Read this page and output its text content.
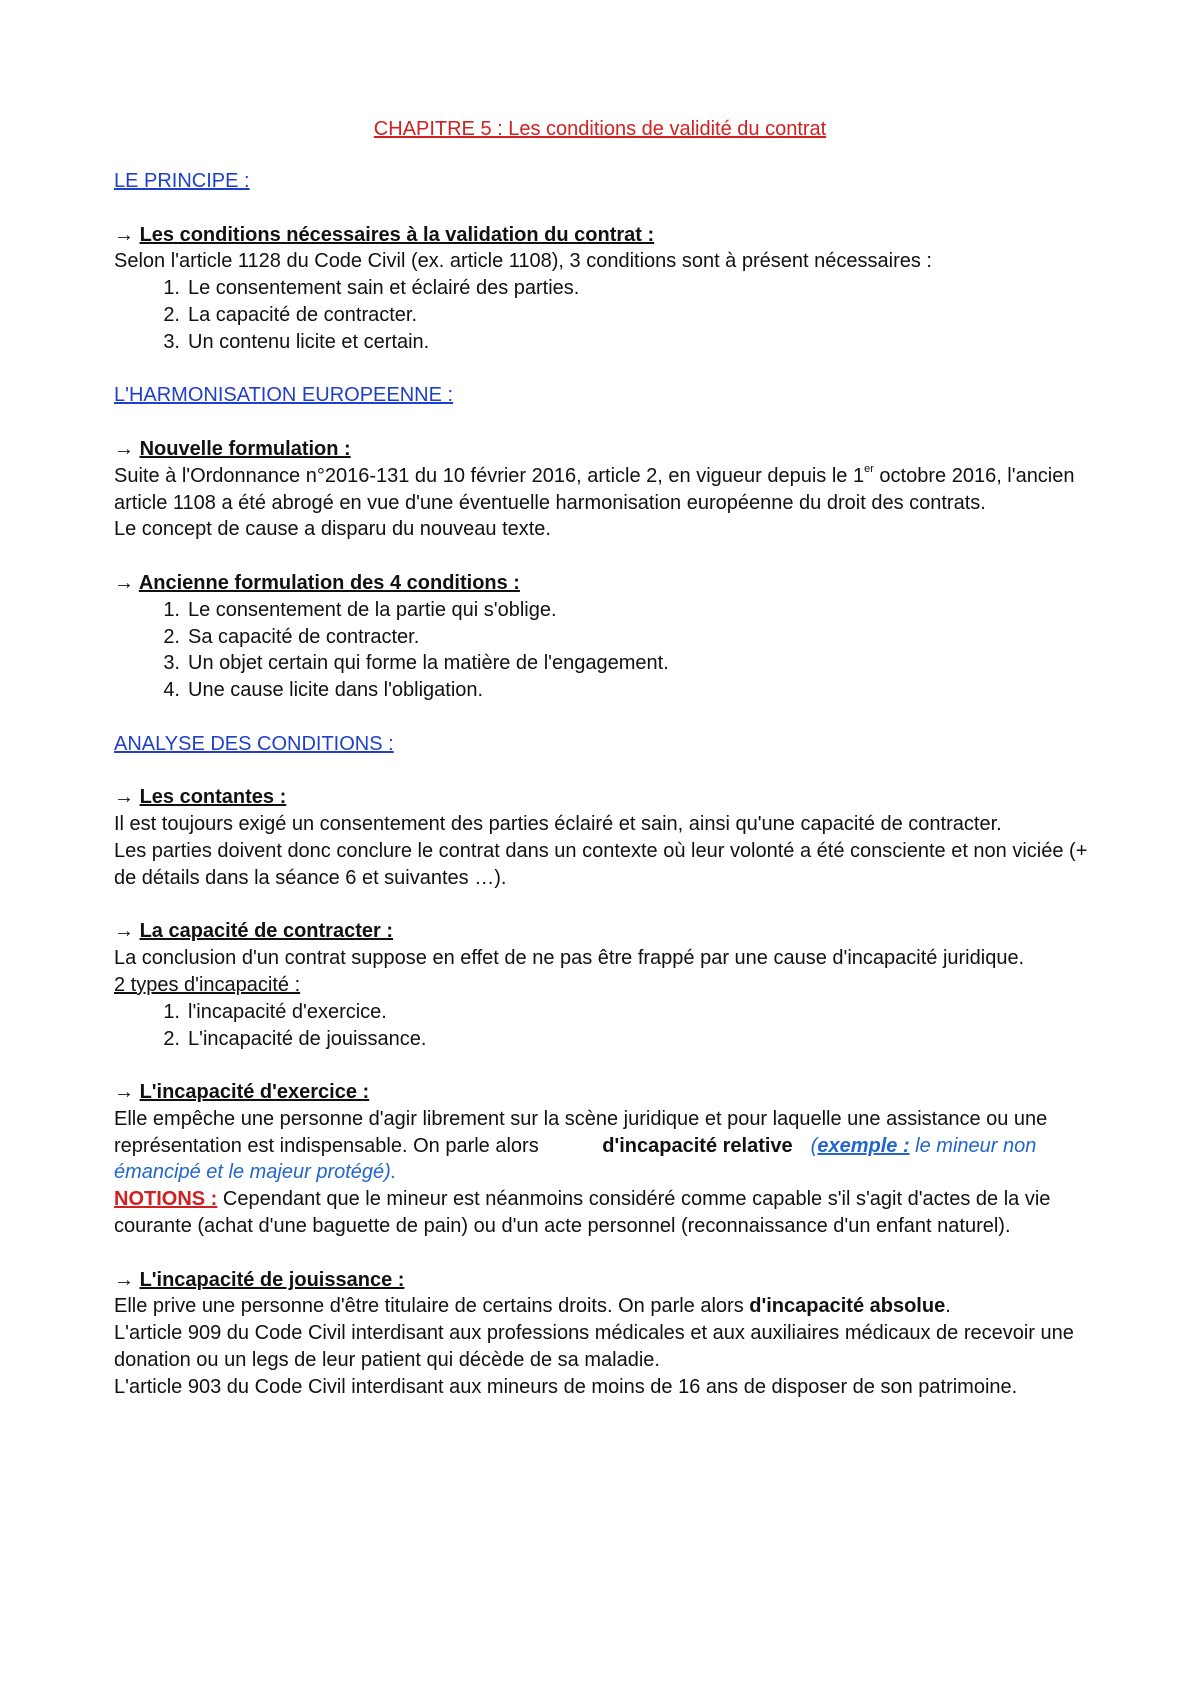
CHAPITRE 5 : Les conditions de validité du contrat

LE PRINCIPE :

→ Les conditions nécessaires à la validation du contrat :

Selon l'article 1128 du Code Civil (ex. article 1108), 3 conditions sont à présent nécessaires :

1. Le consentement sain et éclairé des parties.
2. La capacité de contracter.
3. Un contenu licite et certain.

L'HARMONISATION EUROPEENNE :

→ Nouvelle formulation :

Suite à l'Ordonnance n°2016-131 du 10 février 2016, article 2, en vigueur depuis le 1er octobre 2016, l'ancien article 1108 a été abrogé en vue d'une éventuelle harmonisation européenne du droit des contrats.

Le concept de cause a disparu du nouveau texte.

→ Ancienne formulation des 4 conditions :

1. Le consentement de la partie qui s'oblige.
2. Sa capacité de contracter.
3. Un objet certain qui forme la matière de l'engagement.
4. Une cause licite dans l'obligation.

ANALYSE DES CONDITIONS :

→ Les contantes :

Il est toujours exigé un consentement des parties éclairé et sain, ainsi qu'une capacité de contracter.

Les parties doivent donc conclure le contrat dans un contexte où leur volonté a été consciente et non viciée (+ de détails dans la séance 6 et suivantes …).

→ La capacité de contracter :

La conclusion d'un contrat suppose en effet de ne pas être frappé par une cause d'incapacité juridique.

2 types d'incapacité :

1. l'incapacité d'exercice.
2. L'incapacité de jouissance.

→ L'incapacité d'exercice :

Elle empêche une personne d'agir librement sur la scène juridique et pour laquelle une assistance ou une représentation est indispensable. On parle alors	d'incapacité relative (exemple : le mineur non émancipé et le majeur protégé).

NOTIONS : Cependant que le mineur est néanmoins considéré comme capable s'il s'agit d'actes de la vie courante (achat d'une baguette de pain) ou d'un acte personnel (reconnaissance d'un enfant naturel).

→ L'incapacité de jouissance :

Elle prive une personne d'être titulaire de certains droits. On parle alors d'incapacité absolue.

L'article 909 du Code Civil interdisant aux professions médicales et aux auxiliaires médicaux de recevoir une donation ou un legs de leur patient qui décède de sa maladie.

L'article 903 du Code Civil interdisant aux mineurs de moins de 16 ans de disposer de son patrimoine.
